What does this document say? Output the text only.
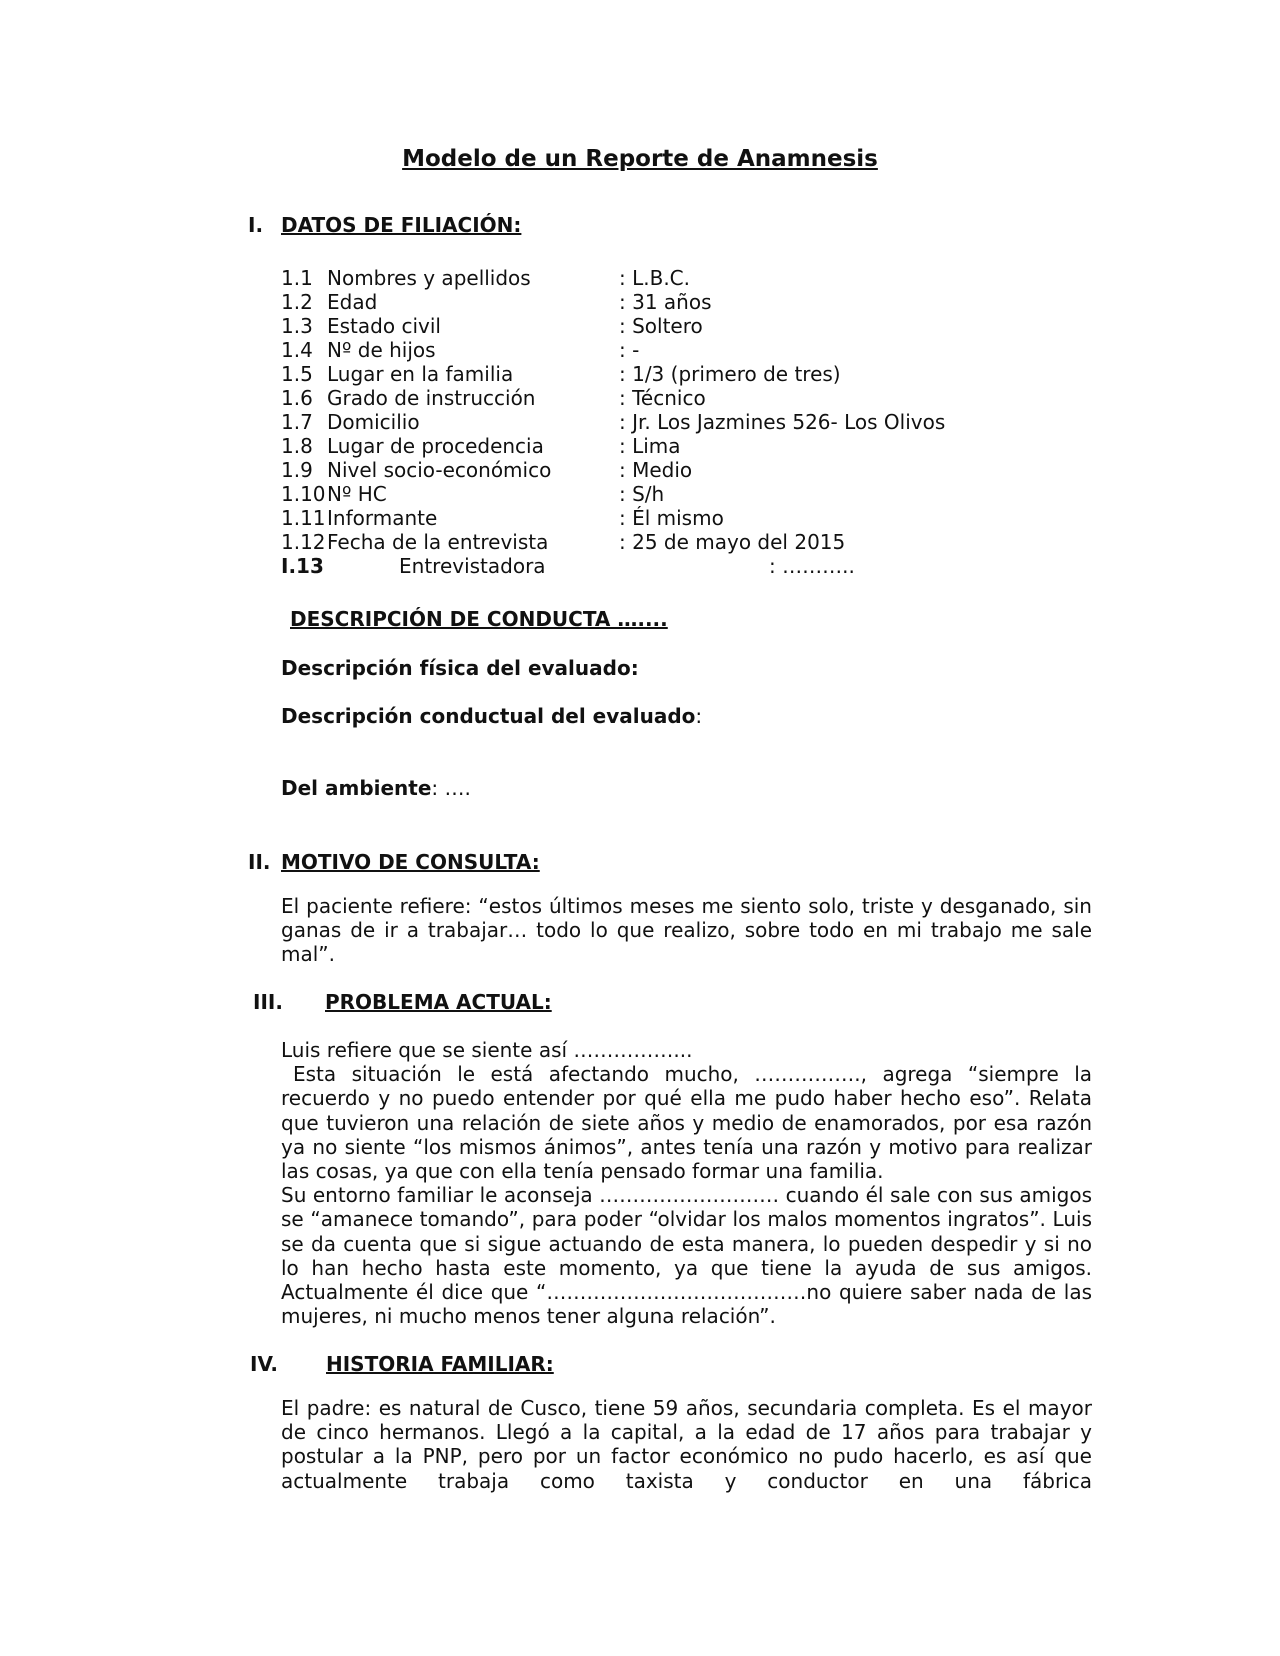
Modelo de un Reporte de Anamnesis
I. DATOS DE FILIACIÓN:
1.1 Nombres y apellidos	: L.B.C.
1.2 Edad	: 31 años
1.3 Estado civil	: Soltero
1.4 Nº de hijos	: -
1.5 Lugar en la familia	: 1/3 (primero de tres)
1.6 Grado de instrucción	: Técnico
1.7 Domicilio	: Jr. Los Jazmines 526- Los Olivos
1.8 Lugar de procedencia	: Lima
1.9 Nivel socio-económico	: Medio
1.10 Nº HC	: S/h
1.11 Informante	: Él mismo
1.12 Fecha de la entrevista	: 25 de mayo del 2015
I.13	Entrevistadora	: ………..
DESCRIPCIÓN DE CONDUCTA …....
Descripción física del evaluado:
Descripción conductual del evaluado:
Del ambiente: ….
II. MOTIVO DE CONSULTA:

El paciente refiere: “estos últimos meses me siento solo, triste y desganado, sin ganas de ir a trabajar… todo lo que realizo, sobre todo en mi trabajo me sale mal”.

III. PROBLEMA ACTUAL:

Luis refiere que se siente así ……………...

Esta situación le está afectando mucho, ……………., agrega “siempre la recuerdo y no puedo entender por qué ella me pudo haber hecho eso”. Relata que tuvieron una relación de siete años y medio de enamorados, por esa razón ya no siente “los mismos ánimos”, antes tenía una razón y motivo para realizar las cosas, ya que con ella tenía pensado formar una familia.

Su entorno familiar le aconseja ……………………… cuando él sale con sus amigos se “amanece tomando”, para poder “olvidar los malos momentos ingratos”. Luis se da cuenta que si sigue actuando de esta manera, lo pueden despedir y si no lo han hecho hasta este momento, ya que tiene la ayuda de sus amigos. Actualmente él dice que “…………………………………no quiere saber nada de las mujeres, ni mucho menos tener alguna relación”.

IV. HISTORIA FAMILIAR:

El padre: es natural de Cusco, tiene 59 años, secundaria completa. Es el mayor de cinco hermanos. Llegó a la capital, a la edad de 17 años para trabajar y postular a la PNP, pero por un factor económico no pudo hacerlo, es así que actualmente trabaja como taxista y conductor en una fábrica
